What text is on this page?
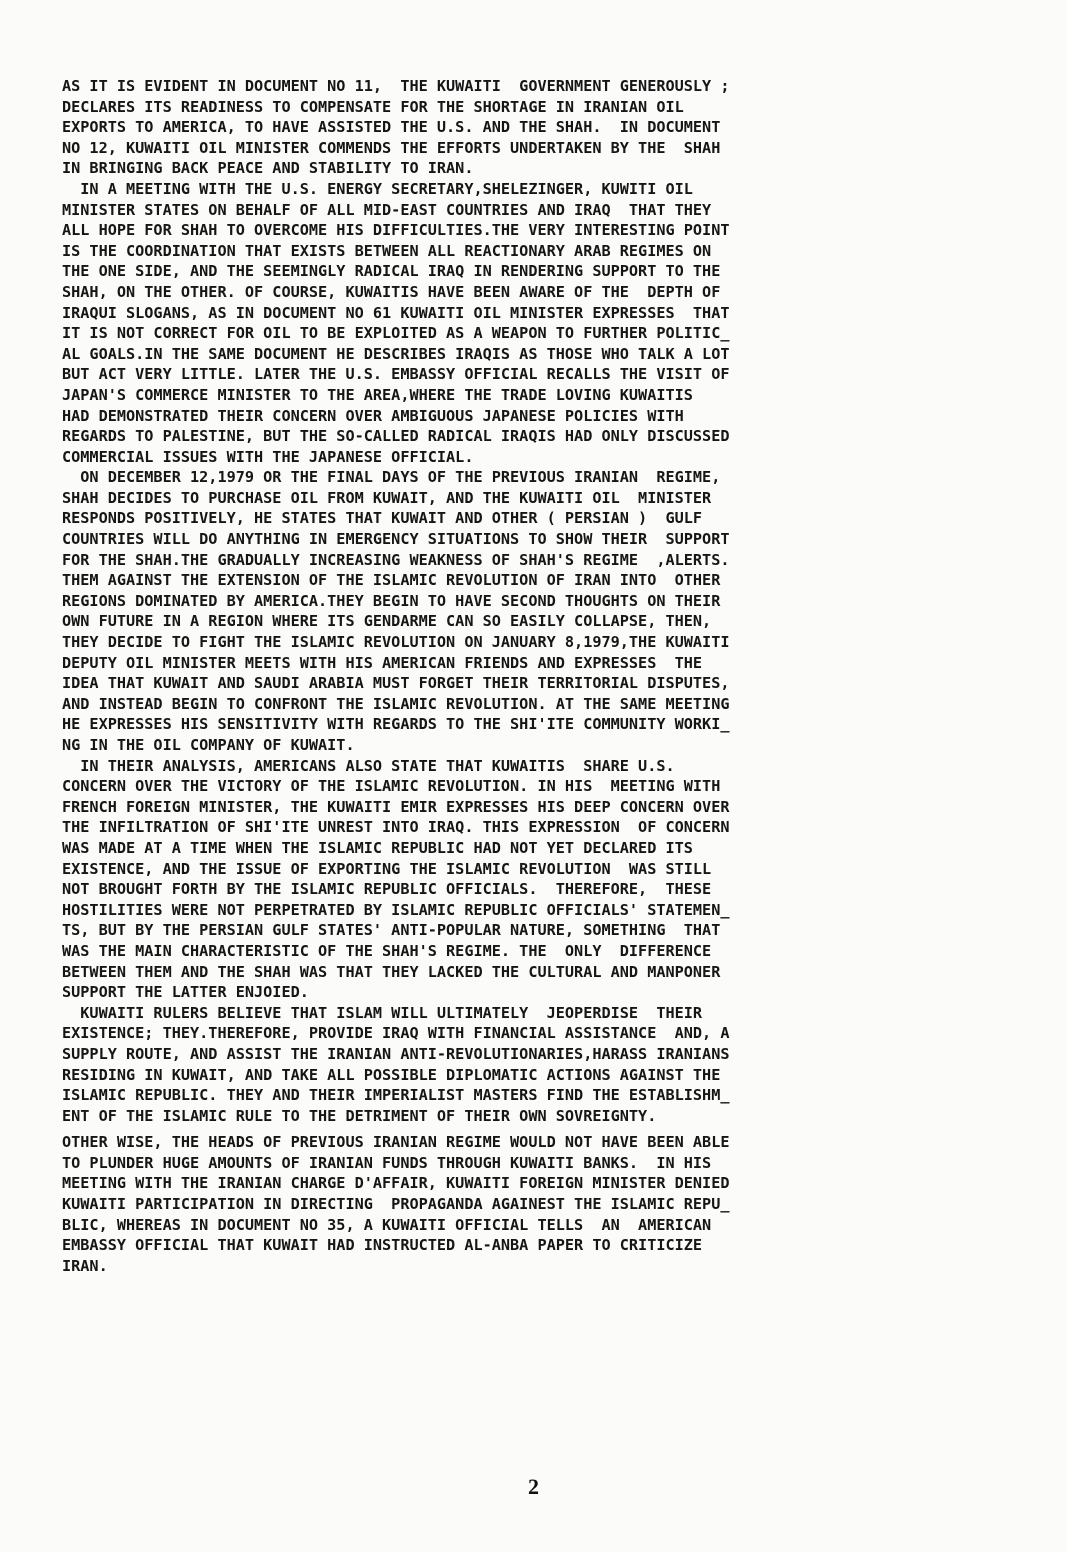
AS IT IS EVIDENT IN DOCUMENT NO 11,  THE KUWAITI  GOVERNMENT GENEROUSLY ;
DECLARES ITS READINESS TO COMPENSATE FOR THE SHORTAGE IN IRANIAN OIL
EXPORTS TO AMERICA, TO HAVE ASSISTED THE U.S. AND THE SHAH.  IN DOCUMENT
NO 12, KUWAITI OIL MINISTER COMMENDS THE EFFORTS UNDERTAKEN BY THE  SHAH
IN BRINGING BACK PEACE AND STABILITY TO IRAN.
IN A MEETING WITH THE U.S. ENERGY SECRETARY,SHELEZINGER, KUWITI OIL
MINISTER STATES ON BEHALF OF ALL MID-EAST COUNTRIES AND IRAQ  THAT THEY
ALL HOPE FOR SHAH TO OVERCOME HIS DIFFICULTIES.THE VERY INTERESTING POINT
IS THE COORDINATION THAT EXISTS BETWEEN ALL REACTIONARY ARAB REGIMES ON
THE ONE SIDE, AND THE SEEMINGLY RADICAL IRAQ IN RENDERING SUPPORT TO THE
SHAH, ON THE OTHER. OF COURSE, KUWAITIS HAVE BEEN AWARE OF THE  DEPTH OF
IRAQUI SLOGANS, AS IN DOCUMENT NO 61 KUWAITI OIL MINISTER EXPRESSES  THAT
IT IS NOT CORRECT FOR OIL TO BE EXPLOITED AS A WEAPON TO FURTHER POLITIC_
AL GOALS.IN THE SAME DOCUMENT HE DESCRIBES IRAQIS AS THOSE WHO TALK A LOT
BUT ACT VERY LITTLE. LATER THE U.S. EMBASSY OFFICIAL RECALLS THE VISIT OF
JAPAN'S COMMERCE MINISTER TO THE AREA,WHERE THE TRADE LOVING KUWAITIS
HAD DEMONSTRATED THEIR CONCERN OVER AMBIGUOUS JAPANESE POLICIES WITH
REGARDS TO PALESTINE, BUT THE SO-CALLED RADICAL IRAQIS HAD ONLY DISCUSSED
COMMERCIAL ISSUES WITH THE JAPANESE OFFICIAL.
ON DECEMBER 12,1979 OR THE FINAL DAYS OF THE PREVIOUS IRANIAN  REGIME,
SHAH DECIDES TO PURCHASE OIL FROM KUWAIT, AND THE KUWAITI OIL  MINISTER
RESPONDS POSITIVELY, HE STATES THAT KUWAIT AND OTHER ( PERSIAN )  GULF
COUNTRIES WILL DO ANYTHING IN EMERGENCY SITUATIONS TO SHOW THEIR  SUPPORT
FOR THE SHAH.THE GRADUALLY INCREASING WEAKNESS OF SHAH'S REGIME  ,ALERTS.
THEM AGAINST THE EXTENSION OF THE ISLAMIC REVOLUTION OF IRAN INTO  OTHER
REGIONS DOMINATED BY AMERICA.THEY BEGIN TO HAVE SECOND THOUGHTS ON THEIR
OWN FUTURE IN A REGION WHERE ITS GENDARME CAN SO EASILY COLLAPSE, THEN,
THEY DECIDE TO FIGHT THE ISLAMIC REVOLUTION ON JANUARY 8,1979,THE KUWAITI
DEPUTY OIL MINISTER MEETS WITH HIS AMERICAN FRIENDS AND EXPRESSES  THE
IDEA THAT KUWAIT AND SAUDI ARABIA MUST FORGET THEIR TERRITORIAL DISPUTES,
AND INSTEAD BEGIN TO CONFRONT THE ISLAMIC REVOLUTION. AT THE SAME MEETING
HE EXPRESSES HIS SENSITIVITY WITH REGARDS TO THE SHI'ITE COMMUNITY WORKI_
NG IN THE OIL COMPANY OF KUWAIT.
IN THEIR ANALYSIS, AMERICANS ALSO STATE THAT KUWAITIS  SHARE U.S.
CONCERN OVER THE VICTORY OF THE ISLAMIC REVOLUTION. IN HIS  MEETING WITH
FRENCH FOREIGN MINISTER, THE KUWAITI EMIR EXPRESSES HIS DEEP CONCERN OVER
THE INFILTRATION OF SHI'ITE UNREST INTO IRAQ. THIS EXPRESSION  OF CONCERN
WAS MADE AT A TIME WHEN THE ISLAMIC REPUBLIC HAD NOT YET DECLARED ITS
EXISTENCE, AND THE ISSUE OF EXPORTING THE ISLAMIC REVOLUTION  WAS STILL
NOT BROUGHT FORTH BY THE ISLAMIC REPUBLIC OFFICIALS.  THEREFORE,  THESE
HOSTILITIES WERE NOT PERPETRATED BY ISLAMIC REPUBLIC OFFICIALS' STATEMEN_
TS, BUT BY THE PERSIAN GULF STATES' ANTI-POPULAR NATURE, SOMETHING  THAT
WAS THE MAIN CHARACTERISTIC OF THE SHAH'S REGIME. THE  ONLY  DIFFERENCE
BETWEEN THEM AND THE SHAH WAS THAT THEY LACKED THE CULTURAL AND MANPONER
SUPPORT THE LATTER ENJOIED.
KUWAITI RULERS BELIEVE THAT ISLAM WILL ULTIMATELY  JEOPERDISE  THEIR
EXISTENCE; THEY.THEREFORE, PROVIDE IRAQ WITH FINANCIAL ASSISTANCE  AND, A
SUPPLY ROUTE, AND ASSIST THE IRANIAN ANTI-REVOLUTIONARIES,HARASS IRANIANS
RESIDING IN KUWAIT, AND TAKE ALL POSSIBLE DIPLOMATIC ACTIONS AGAINST THE
ISLAMIC REPUBLIC. THEY AND THEIR IMPERIALIST MASTERS FIND THE ESTABLISHM_
ENT OF THE ISLAMIC RULE TO THE DETRIMENT OF THEIR OWN SOVREIGNTY.
OTHER WISE, THE HEADS OF PREVIOUS IRANIAN REGIME WOULD NOT HAVE BEEN ABLE
TO PLUNDER HUGE AMOUNTS OF IRANIAN FUNDS THROUGH KUWAITI BANKS.  IN HIS
MEETING WITH THE IRANIAN CHARGE D'AFFAIR, KUWAITI FOREIGN MINISTER DENIED
KUWAITI PARTICIPATION IN DIRECTING  PROPAGANDA AGAINEST THE ISLAMIC REPU_
BLIC, WHEREAS IN DOCUMENT NO 35, A KUWAITI OFFICIAL TELLS  AN  AMERICAN
EMBASSY OFFICIAL THAT KUWAIT HAD INSTRUCTED AL-ANBA PAPER TO CRITICIZE
IRAN.
2
